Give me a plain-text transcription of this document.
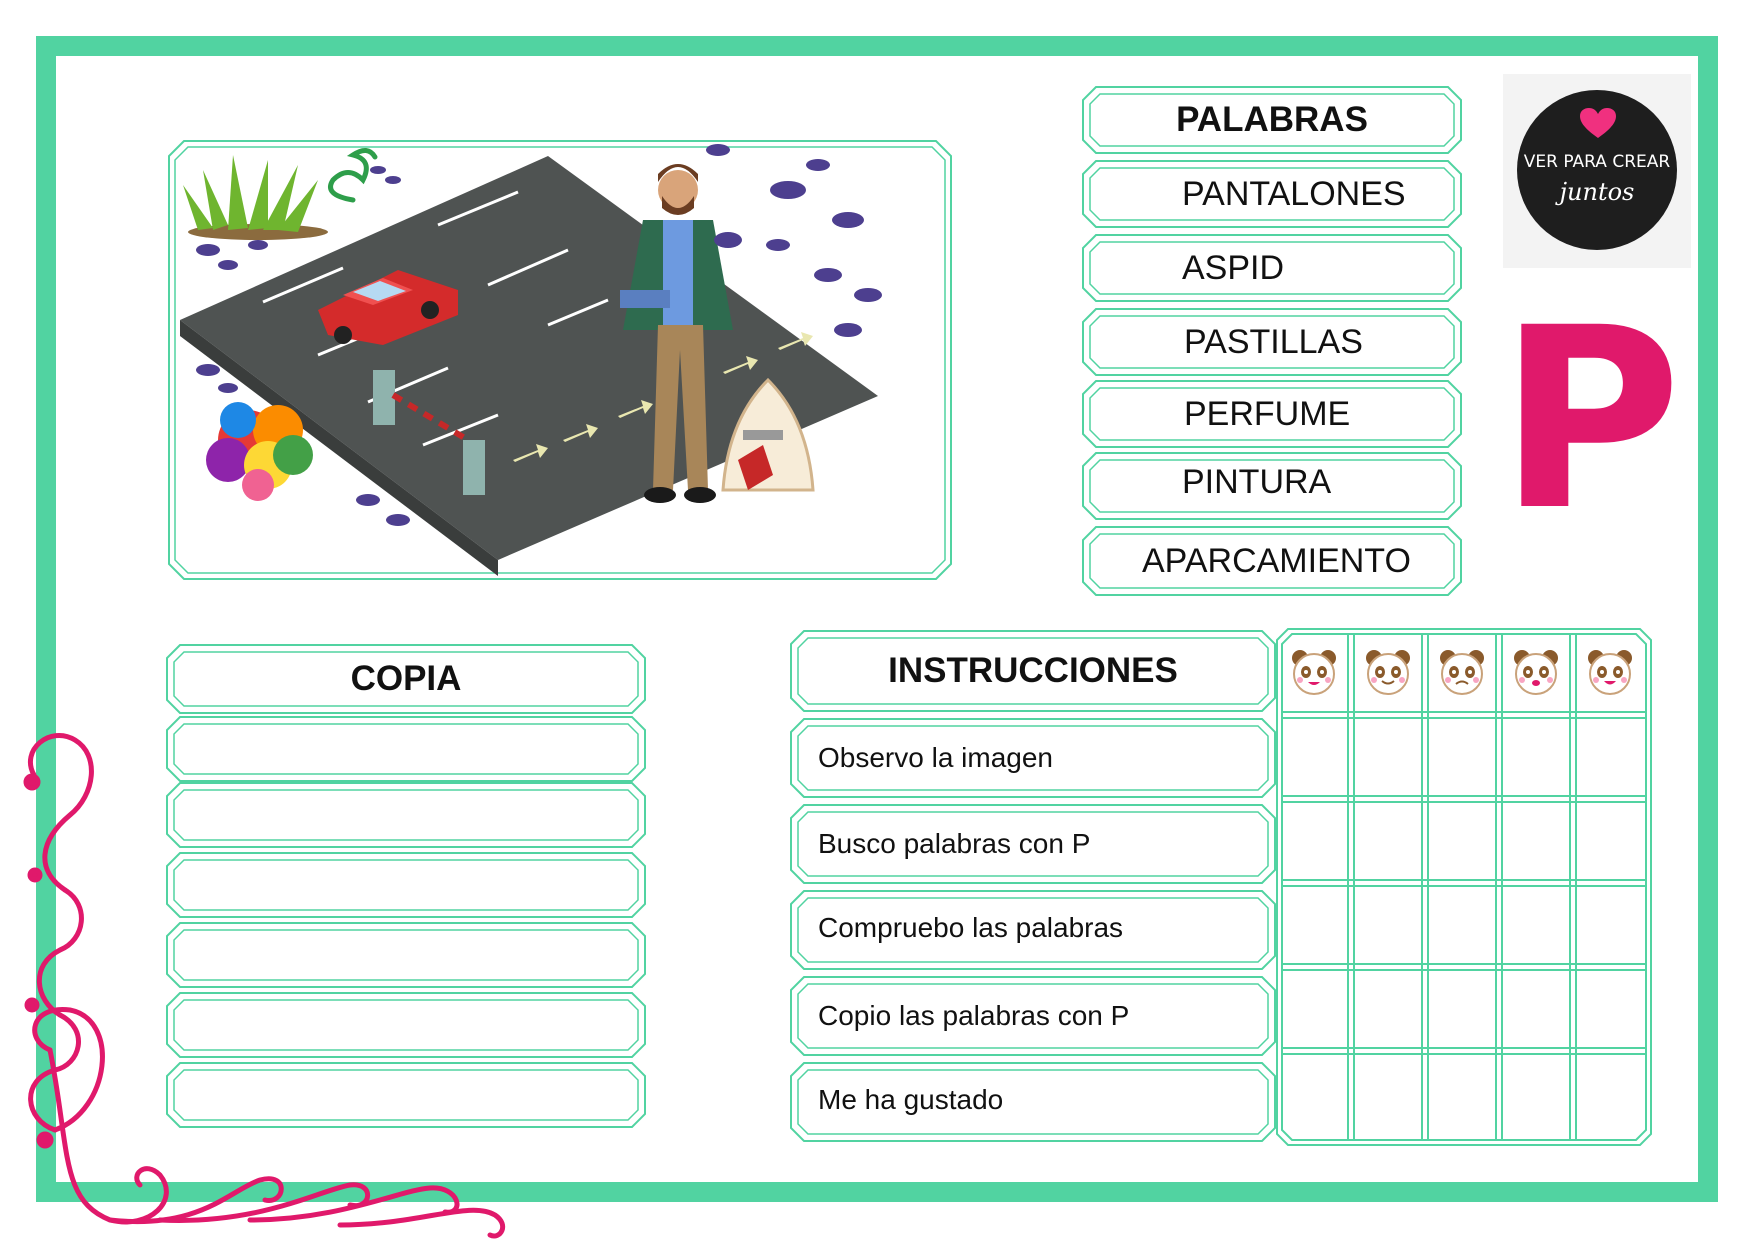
PALABRAS
PANTALONES
ASPID
PASTILLAS
PERFUME
PINTURA
APARCAMIENTO
VER PARA CREAR
juntos
P
COPIA	INSTRUCCIONES
Observo la imagen
Busco palabras con P
Compruebo las palabras
Copio las palabras con P
Me ha gustado
